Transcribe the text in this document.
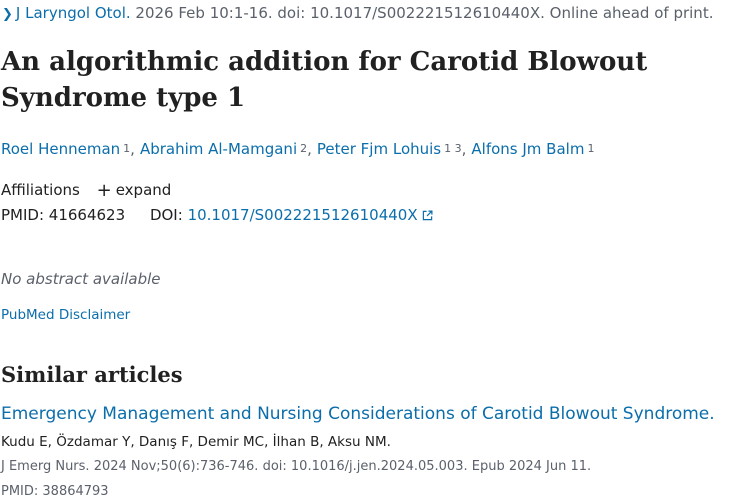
❯ J Laryngol Otol. 2026 Feb 10:1-16. doi: 10.1017/S002221512610440X. Online ahead of print.
An algorithmic addition for Carotid Blowout Syndrome type 1
Roel Henneman $^1$, Abrahim Al-Mamgani $^2$, Peter Fjm Lohuis $^{1 3}$, Alfons Jm Balm $^1$
Affiliations + expand
PMID: 41664623 DOI: 10.1017/S002221512610440X
No abstract available
PubMed Disclaimer
Similar articles
Emergency Management and Nursing Considerations of Carotid Blowout Syndrome.
Kudu E, Özdamar Y, Danış F, Demir MC, İlhan B, Aksu NM.
J Emerg Nurs. 2024 Nov;50(6):736-746. doi: 10.1016/j.jen.2024.05.003. Epub 2024 Jun 11.
PMID: 38864793
